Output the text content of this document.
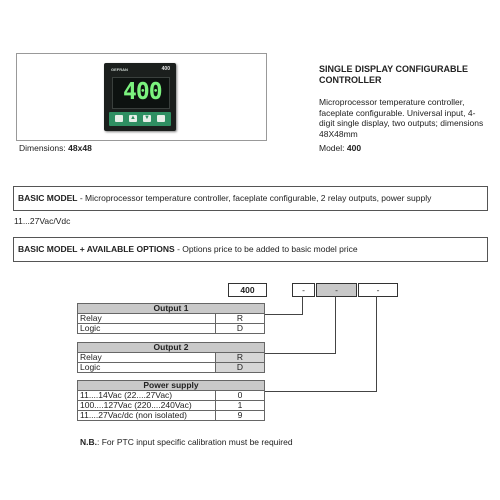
GEFRAN	400
400
▲ ▼
Dimensions: 48x48
SINGLE DISPLAY CONFIGURABLE CONTROLLER
Microprocessor temperature controller, faceplate configurable. Universal input, 4-digit single display, two outputs; dimensions 48X48mm
Model: 400
BASIC MODEL - Microprocessor temperature controller, faceplate configurable, 2 relay outputs, power supply 11...27Vac/Vdc
BASIC MODEL + AVAILABLE OPTIONS - Options price to be added to basic model price
400	-	-	-
Output 1	
Relay	R
Logic	D
Output 2	
Relay	R
Logic	D
Power supply	
11....14Vac (22....27Vac)	0
100....127Vac (220....240Vac)	1
11....27Vac/dc (non isolated)	9
N.B.: For PTC input specific calibration must be required
